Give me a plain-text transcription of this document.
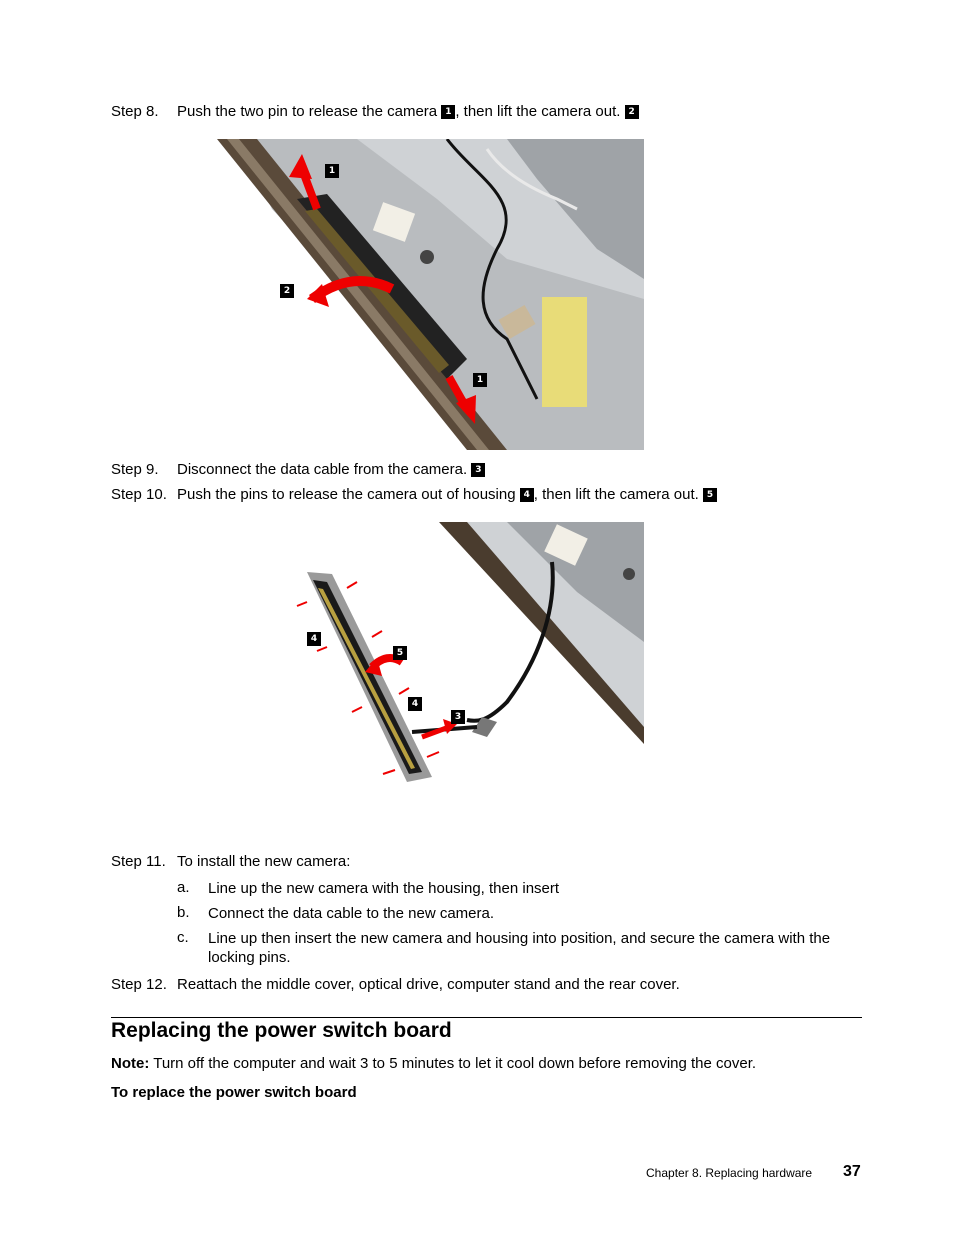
Step 8. Push the two pin to release the camera 1 , then lift the camera out. 2
1
2
1
Step 9. Disconnect the data cable from the camera. 3
Step 10. Push the pins to release the camera out of housing 4 , then lift the camera out. 5
4
5
4
3
Step 11. To install the new camera:
a. Line up the new camera with the housing, then insert
b. Connect the data cable to the new camera.
c. Line up then insert the new camera and housing into position, and secure the camera with the locking pins.
Step 12. Reattach the middle cover, optical drive, computer stand and the rear cover.
Replacing the power switch board
Note: Turn off the computer and wait 3 to 5 minutes to let it cool down before removing the cover.
To replace the power switch board
Chapter 8. Replacing hardware 37
